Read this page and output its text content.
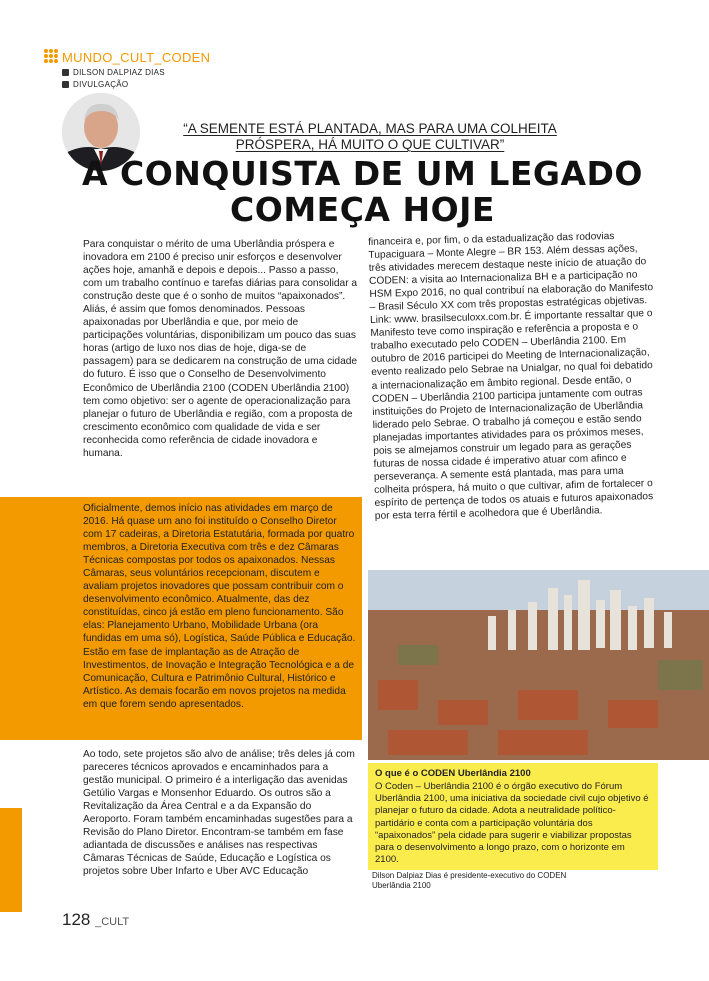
MUNDO_CULT_CODEN
DILSON DALPIAZ DIAS
DIVULGAÇÃO
“A SEMENTE ESTÁ PLANTADA, MAS PARA UMA COLHEITA PRÓSPERA, HÁ MUITO O QUE CULTIVAR”
A CONQUISTA DE UM LEGADO COMEÇA HOJE
Para conquistar o mérito de uma Uberlândia próspera e inovadora em 2100 é preciso unir esforços e desenvolver ações hoje, amanhã e depois e depois... Passo a passo, com um trabalho contínuo e tarefas diárias para consolidar a construção deste que é o sonho de muitos “apaixonados”. Aliás, é assim que fomos denominados. Pessoas apaixonadas por Uberlândia e que, por meio de participações voluntárias, disponibilizam um pouco das suas horas (artigo de luxo nos dias de hoje, diga-se de passagem) para se dedicarem na construção de uma cidade do futuro. É isso que o Conselho de Desenvolvimento Econômico de Uberlândia 2100 (CODEN Uberlândia 2100) tem como objetivo: ser o agente de operacionalização para planejar o futuro de Uberlândia e região, com a proposta de crescimento econômico com qualidade de vida e ser reconhecida como referência de cidade inovadora e humana.
Oficialmente, demos início nas atividades em março de 2016. Há quase um ano foi instituído o Conselho Diretor com 17 cadeiras, a Diretoria Estatutária, formada por quatro membros, a Diretoria Executiva com três e dez Câmaras Técnicas compostas por todos os apaixonados. Nessas Câmaras, seus voluntários recepcionam, discutem e avaliam projetos inovadores que possam contribuir com o desenvolvimento econômico. Atualmente, das dez constituídas, cinco já estão em pleno funcionamento. São elas: Planejamento Urbano, Mobilidade Urbana (ora fundidas em uma só), Logística, Saúde Pública e Educação. Estão em fase de implantação as de Atração de Investimentos, de Inovação e Integração Tecnológica e a de Comunicação, Cultura e Patrimônio Cultural, Histórico e Artístico. As demais focarão em novos projetos na medida em que forem sendo apresentados.
Ao todo, sete projetos são alvo de análise; três deles já com pareceres técnicos aprovados e encaminhados para a gestão municipal. O primeiro é a interligação das avenidas Getúlio Vargas e Monsenhor Eduardo. Os outros são a Revitalização da Área Central e a da Expansão do Aeroporto. Foram também encaminhadas sugestões para a Revisão do Plano Diretor. Encontram-se também em fase adiantada de discussões e análises nas respectivas Câmaras Técnicas de Saúde, Educação e Logística os projetos sobre Uber Infarto e Uber AVC Educação
financeira e, por fim, o da estadualização das rodovias Tupaciguara – Monte Alegre – BR 153. Além dessas ações, três atividades merecem destaque neste início de atuação do CODEN: a visita ao Internacionaliza BH e a participação no HSM Expo 2016, no qual contribuí na elaboração do Manifesto – Brasil Século XX com três propostas estratégicas objetivas. Link: www. brasilseculoxx.com.br. É importante ressaltar que o Manifesto teve como inspiração e referência a proposta e o trabalho executado pelo CODEN – Uberlândia 2100. Em outubro de 2016 participei do Meeting de Internacionalização, evento realizado pelo Sebrae na Unialgar, no qual foi debatido a internacionalização em âmbito regional. Desde então, o CODEN – Uberlândia 2100 participa juntamente com outras instituições do Projeto de Internacionalização de Uberlândia liderado pelo Sebrae. O trabalho já começou e estão sendo planejadas importantes atividades para os próximos meses, pois se almejamos construir um legado para as gerações futuras de nossa cidade é imperativo atuar com afinco e perseverança. A semente está plantada, mas para uma colheita próspera, há muito o que cultivar, afim de fortalecer o espírito de pertença de todos os atuais e futuros apaixonados por esta terra fértil e acolhedora que é Uberlândia.
O que é o CODEN Uberlândia 2100
O Coden – Uberlândia 2100 é o órgão executivo do Fórum Uberlândia 2100, uma iniciativa da sociedade civil cujo objetivo é planejar o futuro da cidade. Adota a neutralidade político-partidário e conta com a participação voluntária dos “apaixonados” pela cidade para sugerir e viabilizar propostas para o desenvolvimento a longo prazo, com o horizonte em 2100.
Dilson Dalpiaz Dias é presidente-executivo do CODEN Uberlândia 2100
128 _CULT
